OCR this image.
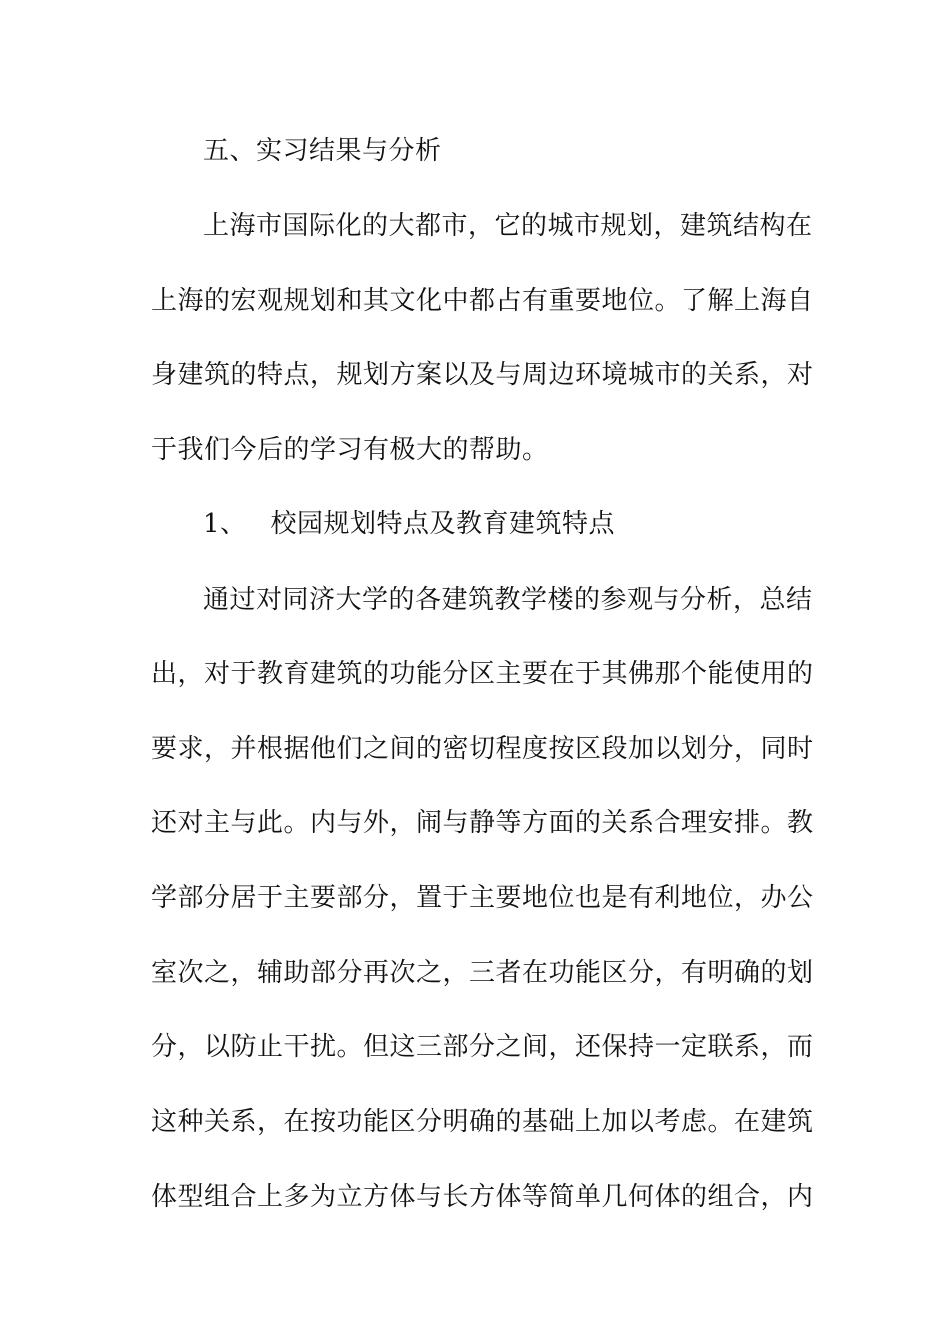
五、实习结果与分析
上海市国际化的大都市，它的城市规划，建筑结构在
上海的宏观规划和其文化中都占有重要地位。了解上海自
身建筑的特点，规划方案以及与周边环境城市的关系，对
于我们今后的学习有极大的帮助。
1、 校园规划特点及教育建筑特点
通过对同济大学的各建筑教学楼的参观与分析，总结
出，对于教育建筑的功能分区主要在于其佛那个能使用的
要求，并根据他们之间的密切程度按区段加以划分，同时
还对主与此。内与外，闹与静等方面的关系合理安排。教
学部分居于主要部分，置于主要地位也是有利地位，办公
室次之，辅助部分再次之，三者在功能区分，有明确的划
分，以防止干扰。但这三部分之间，还保持一定联系，而
这种关系，在按功能区分明确的基础上加以考虑。在建筑
体型组合上多为立方体与长方体等简单几何体的组合，内
